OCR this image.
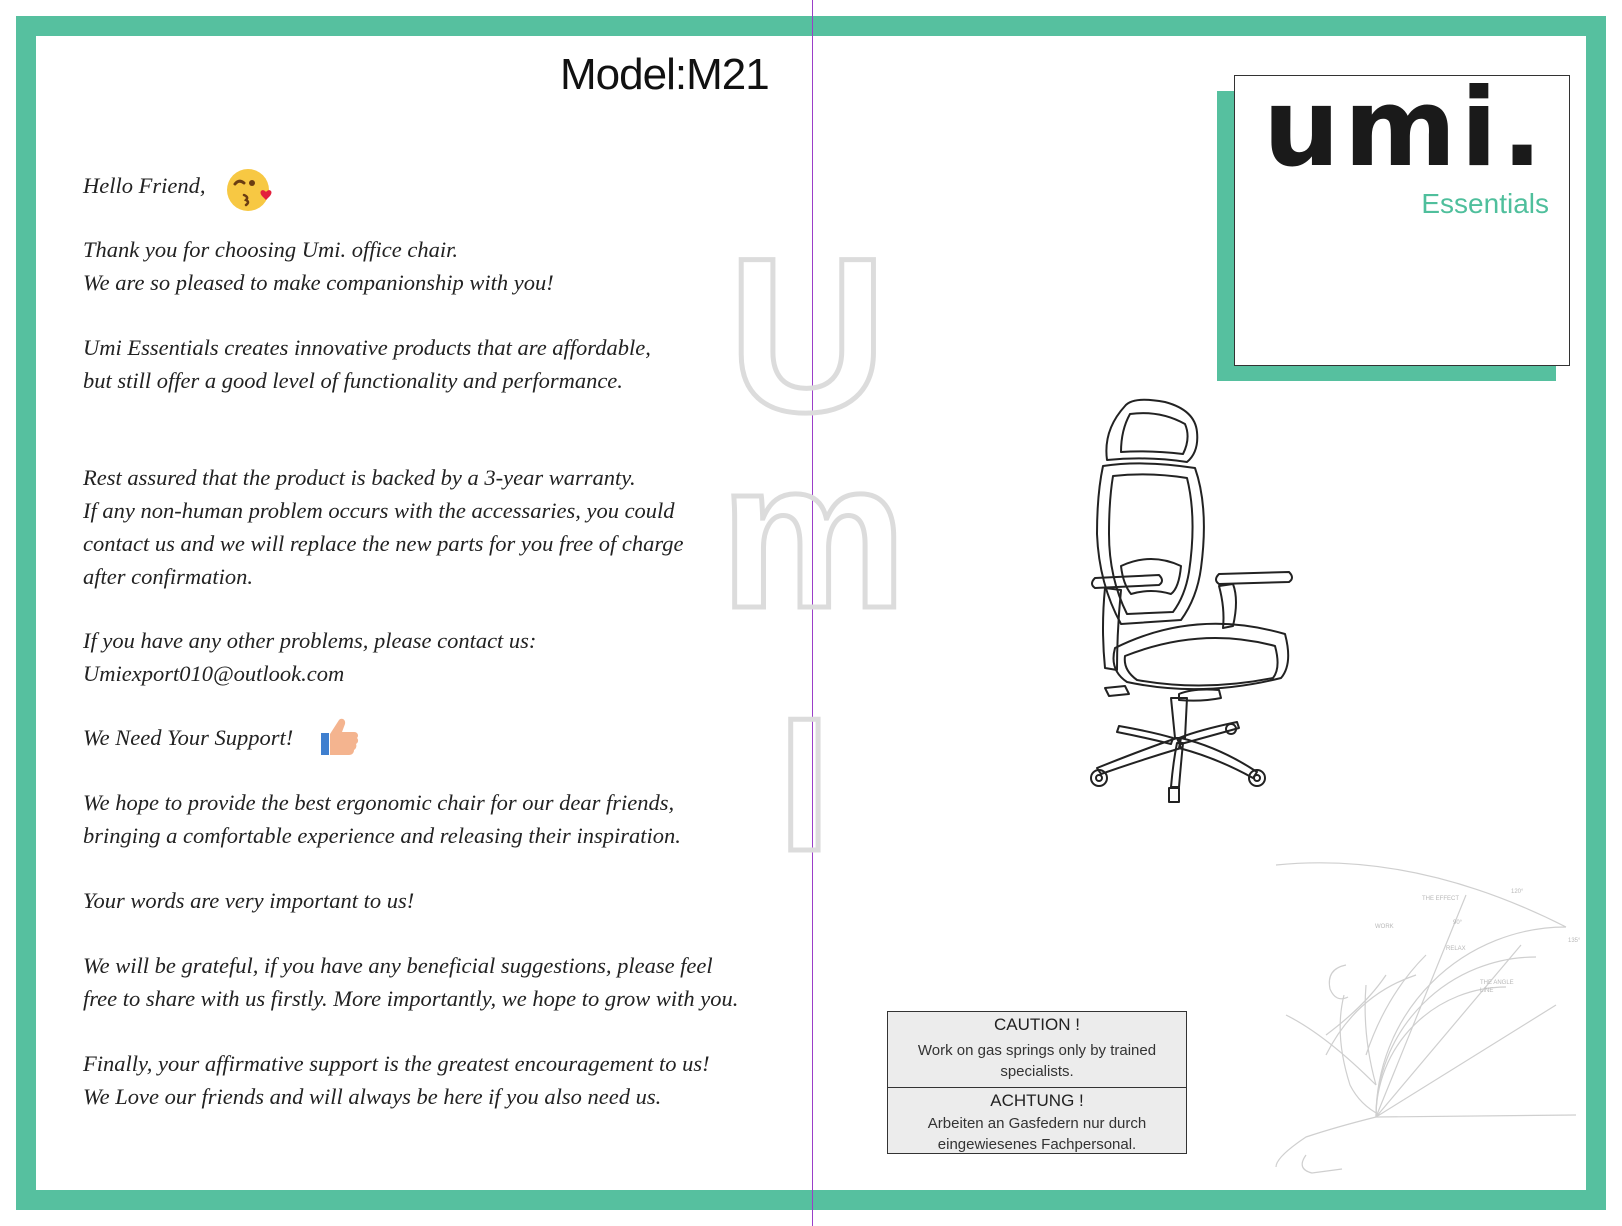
Model:M21
Hello Friend,
Thank you for choosing Umi. office chair.
We are so pleased to make companionship with you!
Umi Essentials creates innovative products that are affordable,
but still offer a good level of functionality and performance.
Rest assured that the product is backed by a 3-year warranty.
If any non-human problem occurs with the accessaries, you could
contact us and we will replace the new parts for you free of charge
after confirmation.
If you have any other problems, please contact us:
Umiexport010@outlook.com
We Need Your Support!
We hope to provide the best ergonomic chair for our dear friends,
bringing a comfortable experience and releasing their inspiration.
Your words are very important to us!
We will be grateful, if you have any beneficial suggestions, please feel
free to share with us firstly. More importantly, we hope to grow with you.
Finally, your affirmative support is the greatest encouragement to us!
We Love our friends and will always be here if you also need us.
U
m
I
umi.
Essentials
THE EFFECT
WORK
90°
RELAX
120°
135°
THE ANGLE
LINE
CAUTION !
Work on gas springs only by trained specialists.
ACHTUNG !
Arbeiten an Gasfedern nur durch eingewiesenes Fachpersonal.
